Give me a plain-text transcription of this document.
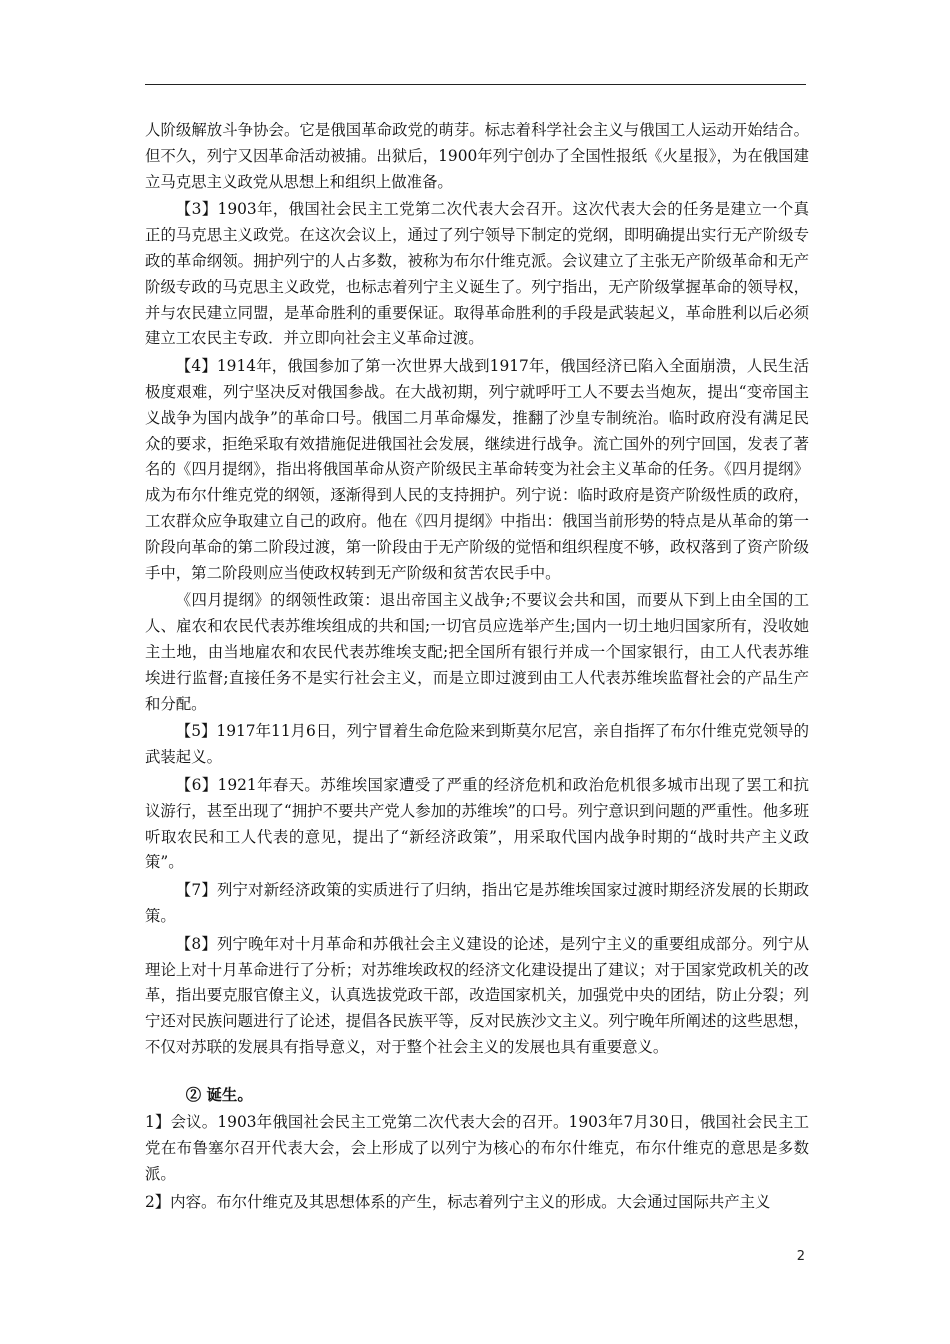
人阶级解放斗争协会。它是俄国革命政党的萌芽。标志着科学社会主义与俄国工人运动开始结合。但不久，列宁又因革命活动被捕。出狱后，1900年列宁创办了全国性报纸《火星报》，为在俄国建立马克思主义政党从思想上和组织上做准备。

【3】1903年，俄国社会民主工党第二次代表大会召开。这次代表大会的任务是建立一个真正的马克思主义政党。在这次会议上，通过了列宁领导下制定的党纲，即明确提出实行无产阶级专政的革命纲领。拥护列宁的人占多数，被称为布尔什维克派。会议建立了主张无产阶级革命和无产阶级专政的马克思主义政党，也标志着列宁主义诞生了。列宁指出，无产阶级掌握革命的领导权，并与农民建立同盟，是革命胜利的重要保证。取得革命胜利的手段是武装起义，革命胜利以后必须建立工农民主专政．并立即向社会主义革命过渡。

【4】1914年，俄国参加了第一次世界大战到1917年，俄国经济已陷入全面崩溃，人民生活极度艰难，列宁坚决反对俄国参战。在大战初期，列宁就呼吁工人不要去当炮灰，提出“变帝国主义战争为国内战争”的革命口号。俄国二月革命爆发，推翻了沙皇专制统治。临时政府没有满足民众的要求，拒绝采取有效措施促进俄国社会发展，继续进行战争。流亡国外的列宁回国，发表了著名的《四月提纲》，指出将俄国革命从资产阶级民主革命转变为社会主义革命的任务。《四月提纲》成为布尔什维克党的纲领，逐渐得到人民的支持拥护。列宁说：临时政府是资产阶级性质的政府，工农群众应争取建立自己的政府。他在《四月提纲》中指出：俄国当前形势的特点是从革命的第一阶段向革命的第二阶段过渡，第一阶段由于无产阶级的觉悟和组织程度不够，政权落到了资产阶级手中，第二阶段则应当使政权转到无产阶级和贫苦农民手中。

《四月提纲》的纲领性政策：退出帝国主义战争;不要议会共和国，而要从下到上由全国的工人、雇农和农民代表苏维埃组成的共和国;一切官员应选举产生;国内一切土地归国家所有，没收她主土地，由当地雇农和农民代表苏维埃支配;把全国所有银行并成一个国家银行，由工人代表苏维埃进行监督;直接任务不是实行社会主义，而是立即过渡到由工人代表苏维埃监督社会的产品生产和分配。

【5】1917年11月6日，列宁冒着生命危险来到斯莫尔尼宫，亲自指挥了布尔什维克党领导的武装起义。

【6】1921年春天。苏维埃国家遭受了严重的经济危机和政治危机很多城市出现了罢工和抗议游行，甚至出现了“拥护不要共产党人参加的苏维埃”的口号。列宁意识到问题的严重性。他多班听取农民和工人代表的意见，提出了“新经济政策”，用采取代国内战争时期的“战时共产主义政策”。

【7】列宁对新经济政策的实质进行了归纳，指出它是苏维埃国家过渡时期经济发展的长期政策。

【8】列宁晚年对十月革命和苏俄社会主义建设的论述，是列宁主义的重要组成部分。列宁从理论上对十月革命进行了分析；对苏维埃政权的经济文化建设提出了建议；对于国家党政机关的改革，指出要克服官僚主义，认真选拔党政干部，改造国家机关，加强党中央的团结，防止分裂；列宁还对民族问题进行了论述，提倡各民族平等，反对民族沙文主义。列宁晚年所阐述的这些思想，不仅对苏联的发展具有指导意义，对于整个社会主义的发展也具有重要意义。

② 诞生。

1】会议。1903年俄国社会民主工党第二次代表大会的召开。1903年7月30日，俄国社会民主工党在布鲁塞尔召开代表大会，会上形成了以列宁为核心的布尔什维克，布尔什维克的意思是多数派。

2】内容。布尔什维克及其思想体系的产生，标志着列宁主义的形成。大会通过国际共产主义

2
